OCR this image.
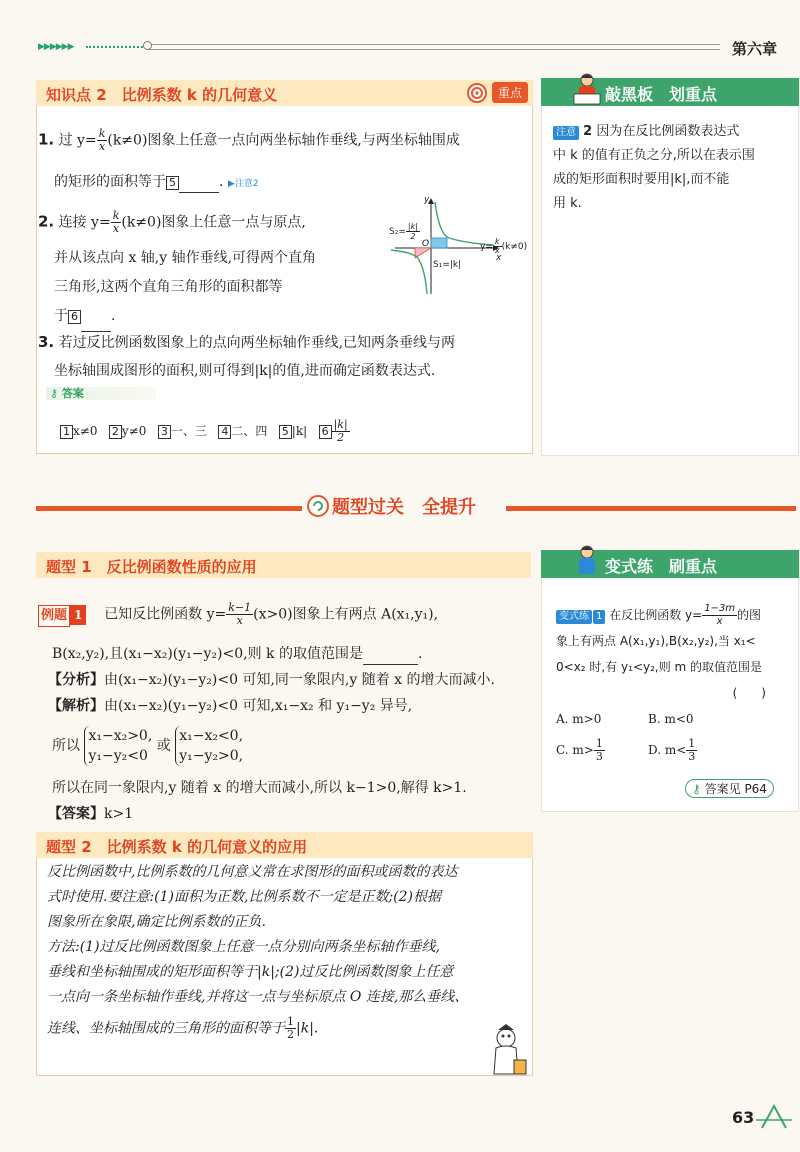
▶▶▶▶▶▶	第六章
知识点 2　比例系数 k 的几何意义	重点
1. 过 $y= \frac{k}{x} (k\ne 0)$图象上任意一点向两坐标轴作垂线,与两坐标轴围成
的矩形的面积等于 5	. ▶注意2
2. 连接 $y= \frac{k}{x} (k\ne 0)$图象上任意一点与原点,
并从该点向 x 轴,y 轴作垂线,可得两个直角
三角形,这两个直角三角形的面积都等
于 6 .
$S_2= \frac{|k|}{2}$
O
y
x
S₁=|k|
$y= \frac{k}{x} (k\ne 0)$
3. 若过反比例函数图象上的点向两坐标轴作垂线,已知两条垂线与两
坐标轴围成图形的面积,则可得到|k|的值,进而确定函数表达式.
⚷ 答案
1 x≠0 2 y≠0 3 一、三 4 二、四 5 |k| $6 \frac{|k|}{2}$
敲黑板　划重点
注意 2 因为在反比例函数表达式
中 k 的值有正负之分,所以在表示围
成的矩形面积时要用|k|,而不能
用 k.
题型过关　全提升
题型 1　反比例函数性质的应用
例题 1 已知反比例函数 $y= \frac{k-1}{x} (x>0)$图象上有两点 A(x₁,y₁),
B(x₂,y₂),且(x₁−x₂)(y₁−y₂)<0,则 k 的取值范围是	.
【分析】由(x₁−x₂)(y₁−y₂)<0 可知,同一象限内,y 随着 x 的增大而减小.
【解析】由(x₁−x₂)(y₁−y₂)<0 可知,x₁−x₂ 和 y₁−y₂ 异号,
所以
x₁−x₂>0,
y₁−y₂<0
或
x₁−x₂<0,
y₁−y₂>0,
所以在同一象限内,y 随着 x 的增大而减小,所以 k−1>0,解得 k>1.
【答案】k>1
题型 2　比例系数 k 的几何意义的应用
反比例函数中,比例系数的几何意义常在求图形的面积或函数的表达
式时使用.要注意:(1)面积为正数,比例系数不一定是正数;(2)根据
图象所在象限,确定比例系数的正负.
方法:(1)过反比例函数图象上任意一点分别向两条坐标轴作垂线,
垂线和坐标轴围成的矩形面积等于|k|;(2)过反比例函数图象上任意
一点向一条坐标轴作垂线,并将这一点与坐标原点 O 连接,那么垂线、
连线、坐标轴围成的三角形的面积等于 $\frac{1}{2} |k|$.
变式练　刷重点
变式练 1 在反比例函数 $y= \frac{1-3m}{x}$ 的图
象上有两点 A(x₁,y₁),B(x₂,y₂),当 x₁<
0<x₂ 时,有 y₁<y₂,则 m 的取值范围是
(　　)
A. m>0	B. m<0
C. $m> \frac{1}{3}$	D. $m< \frac{1}{3}$
⚷ 答案见 P64
63
